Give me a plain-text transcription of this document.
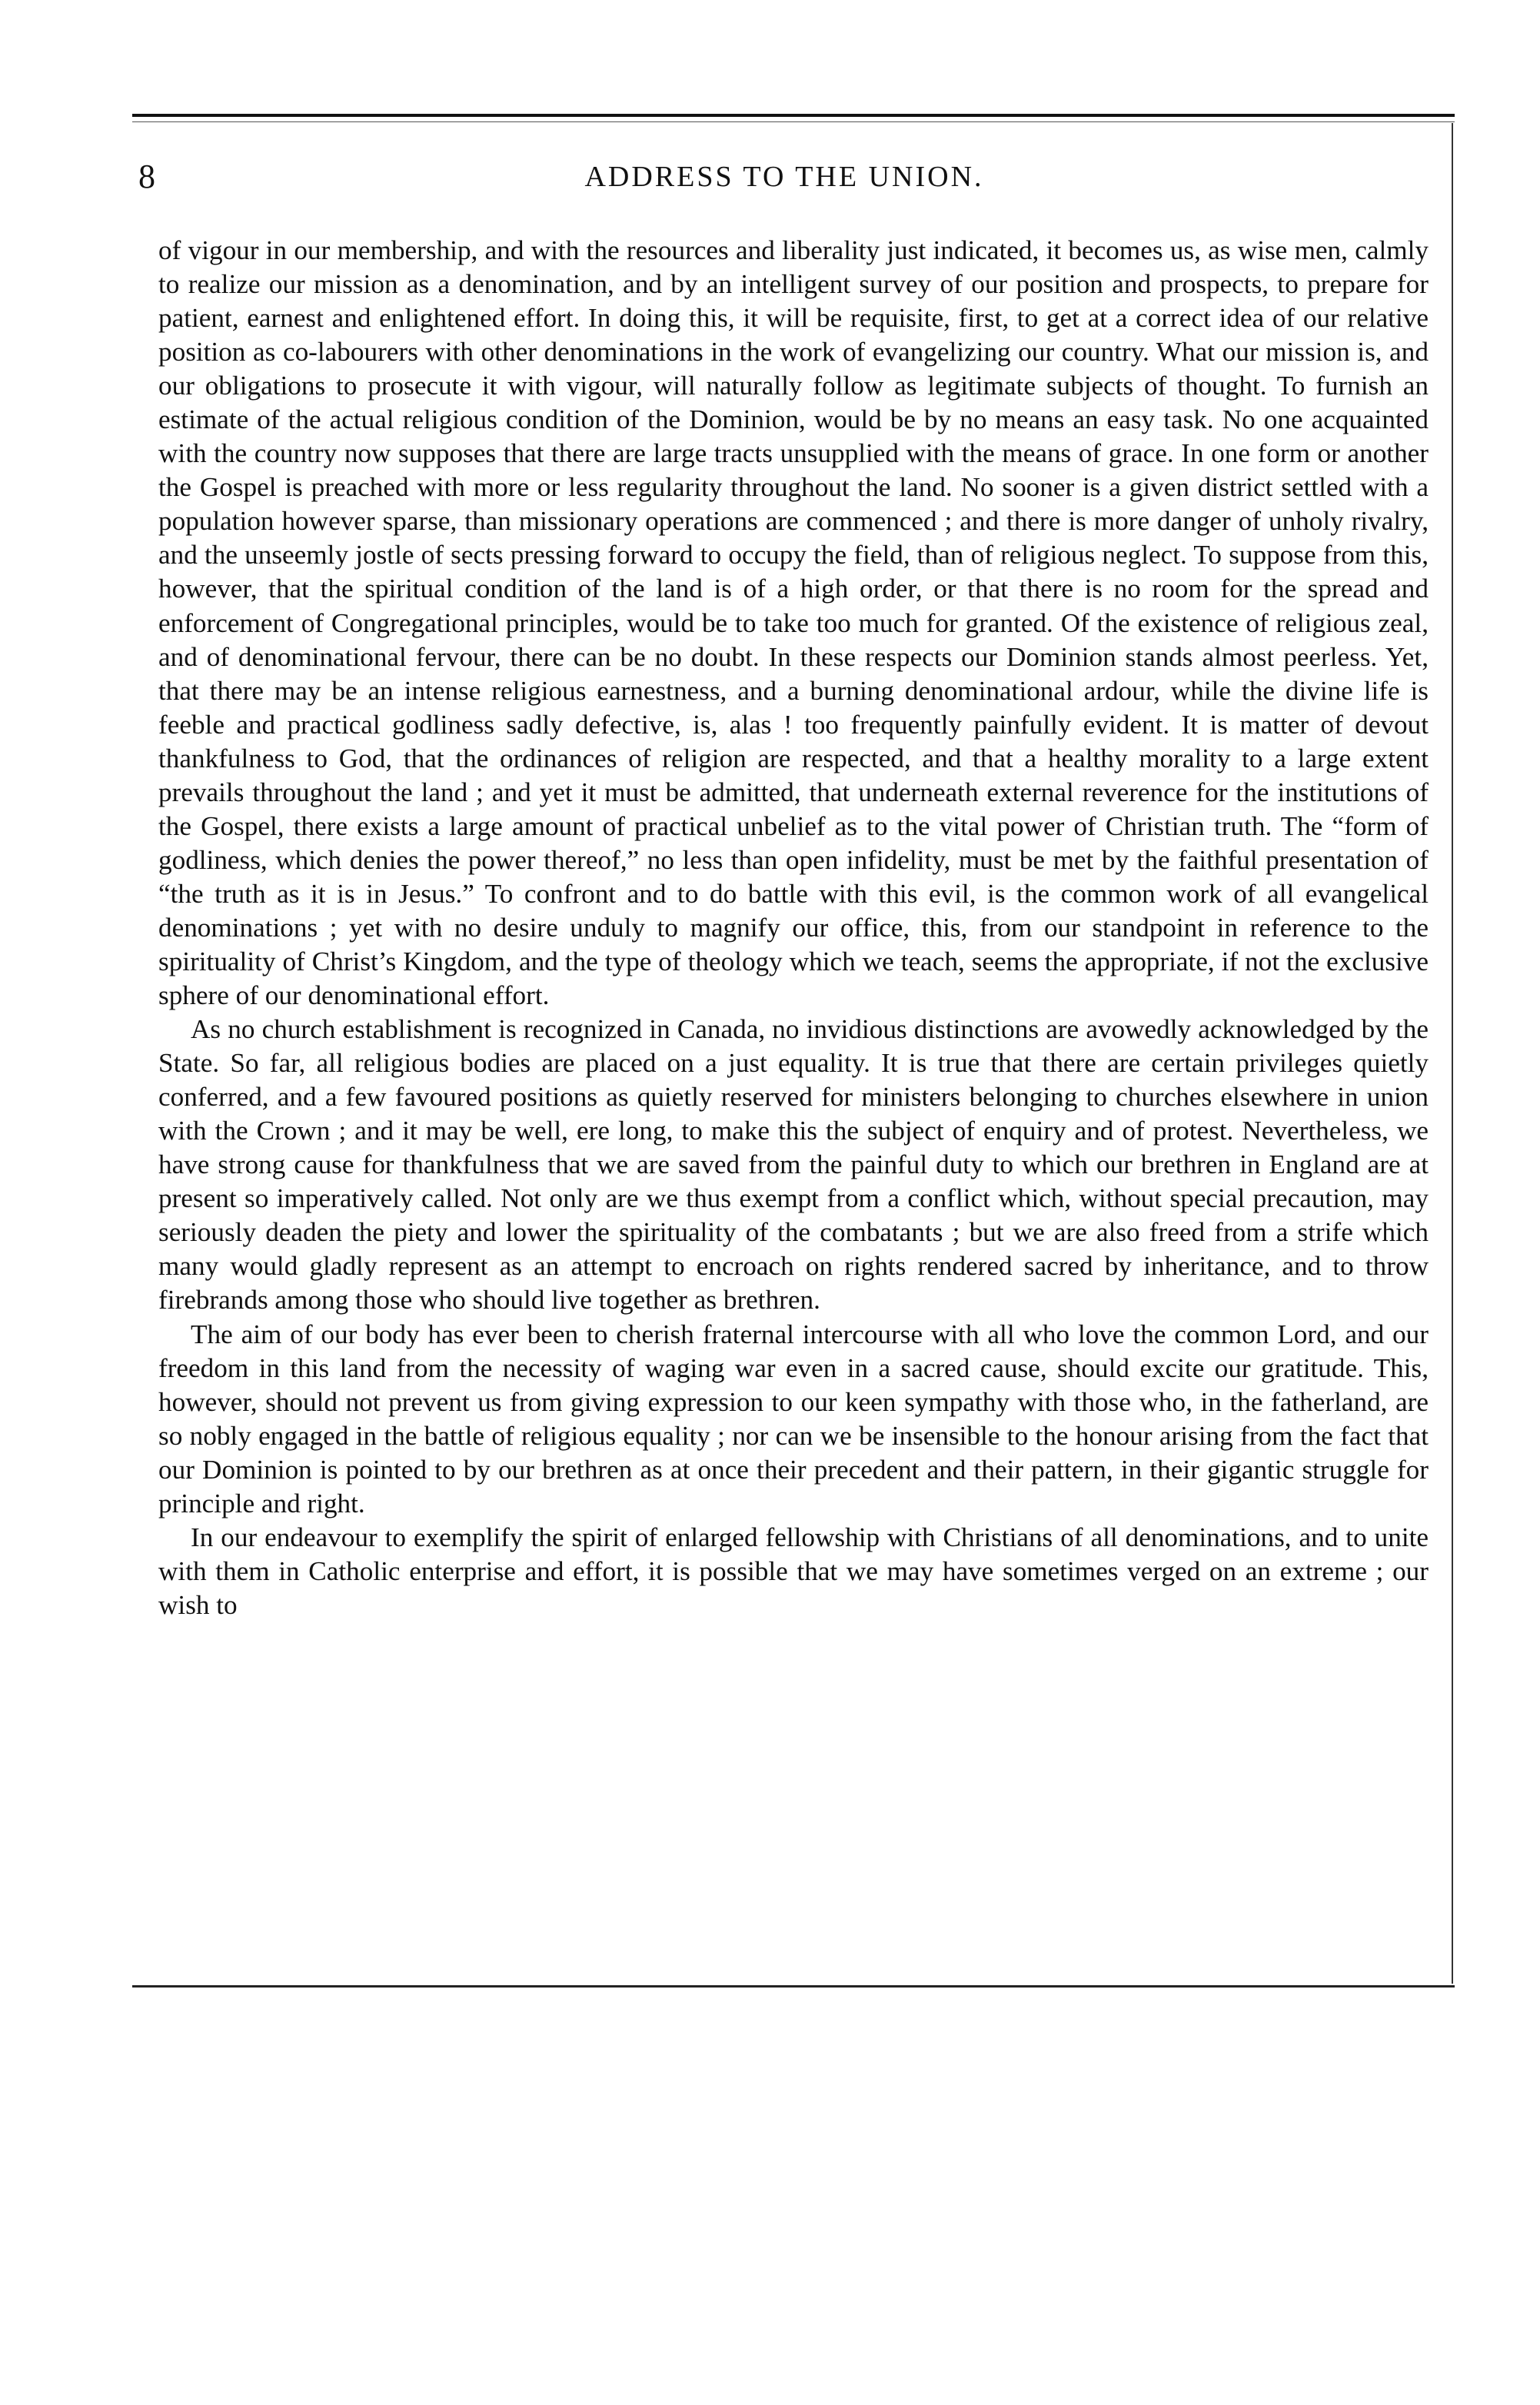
8	ADDRESS TO THE UNION.

of vigour in our membership, and with the resources and liberality just indicated, it becomes us, as wise men, calmly to realize our mission as a denomination, and by an intelligent survey of our position and prospects, to prepare for patient, earnest and enlightened effort. In doing this, it will be requisite, first, to get at a correct idea of our relative position as co-labourers with other denominations in the work of evangelizing our country. What our mission is, and our obligations to prosecute it with vigour, will naturally follow as legitimate subjects of thought. To furnish an estimate of the actual religious condition of the Dominion, would be by no means an easy task. No one acquainted with the country now supposes that there are large tracts unsupplied with the means of grace. In one form or another the Gospel is preached with more or less regularity throughout the land. No sooner is a given district settled with a population however sparse, than missionary operations are commenced ; and there is more danger of unholy rivalry, and the unseemly jostle of sects pressing forward to occupy the field, than of religious neglect. To suppose from this, however, that the spiritual condition of the land is of a high order, or that there is no room for the spread and enforcement of Congregational principles, would be to take too much for granted. Of the existence of religious zeal, and of denominational fervour, there can be no doubt. In these respects our Dominion stands almost peerless. Yet, that there may be an intense religious earnestness, and a burning denominational ardour, while the divine life is feeble and practical godliness sadly defective, is, alas ! too frequently painfully evident. It is matter of devout thankfulness to God, that the ordinances of religion are respected, and that a healthy morality to a large extent prevails throughout the land ; and yet it must be admitted, that underneath external reverence for the institutions of the Gospel, there exists a large amount of practical unbelief as to the vital power of Christian truth. The “form of godliness, which denies the power thereof,” no less than open infidelity, must be met by the faithful presentation of “the truth as it is in Jesus.” To confront and to do battle with this evil, is the common work of all evangelical denominations ; yet with no desire unduly to magnify our office, this, from our standpoint in reference to the spirituality of Christ’s Kingdom, and the type of theology which we teach, seems the appropriate, if not the exclusive sphere of our denominational effort.

As no church establishment is recognized in Canada, no invidious distinctions are avowedly acknowledged by the State. So far, all religious bodies are placed on a just equality. It is true that there are certain privileges quietly conferred, and a few favoured positions as quietly reserved for ministers belonging to churches elsewhere in union with the Crown ; and it may be well, ere long, to make this the subject of enquiry and of protest. Nevertheless, we have strong cause for thankfulness that we are saved from the painful duty to which our brethren in England are at present so imperatively called. Not only are we thus exempt from a conflict which, without special precaution, may seriously deaden the piety and lower the spirituality of the combatants ; but we are also freed from a strife which many would gladly represent as an attempt to encroach on rights rendered sacred by inheritance, and to throw firebrands among those who should live together as brethren.

The aim of our body has ever been to cherish fraternal intercourse with all who love the common Lord, and our freedom in this land from the necessity of waging war even in a sacred cause, should excite our gratitude. This, however, should not prevent us from giving expression to our keen sympathy with those who, in the fatherland, are so nobly engaged in the battle of religious equality ; nor can we be insensible to the honour arising from the fact that our Dominion is pointed to by our brethren as at once their precedent and their pattern, in their gigantic struggle for principle and right.

In our endeavour to exemplify the spirit of enlarged fellowship with Christians of all denominations, and to unite with them in Catholic enterprise and effort, it is possible that we may have sometimes verged on an extreme ; our wish to
